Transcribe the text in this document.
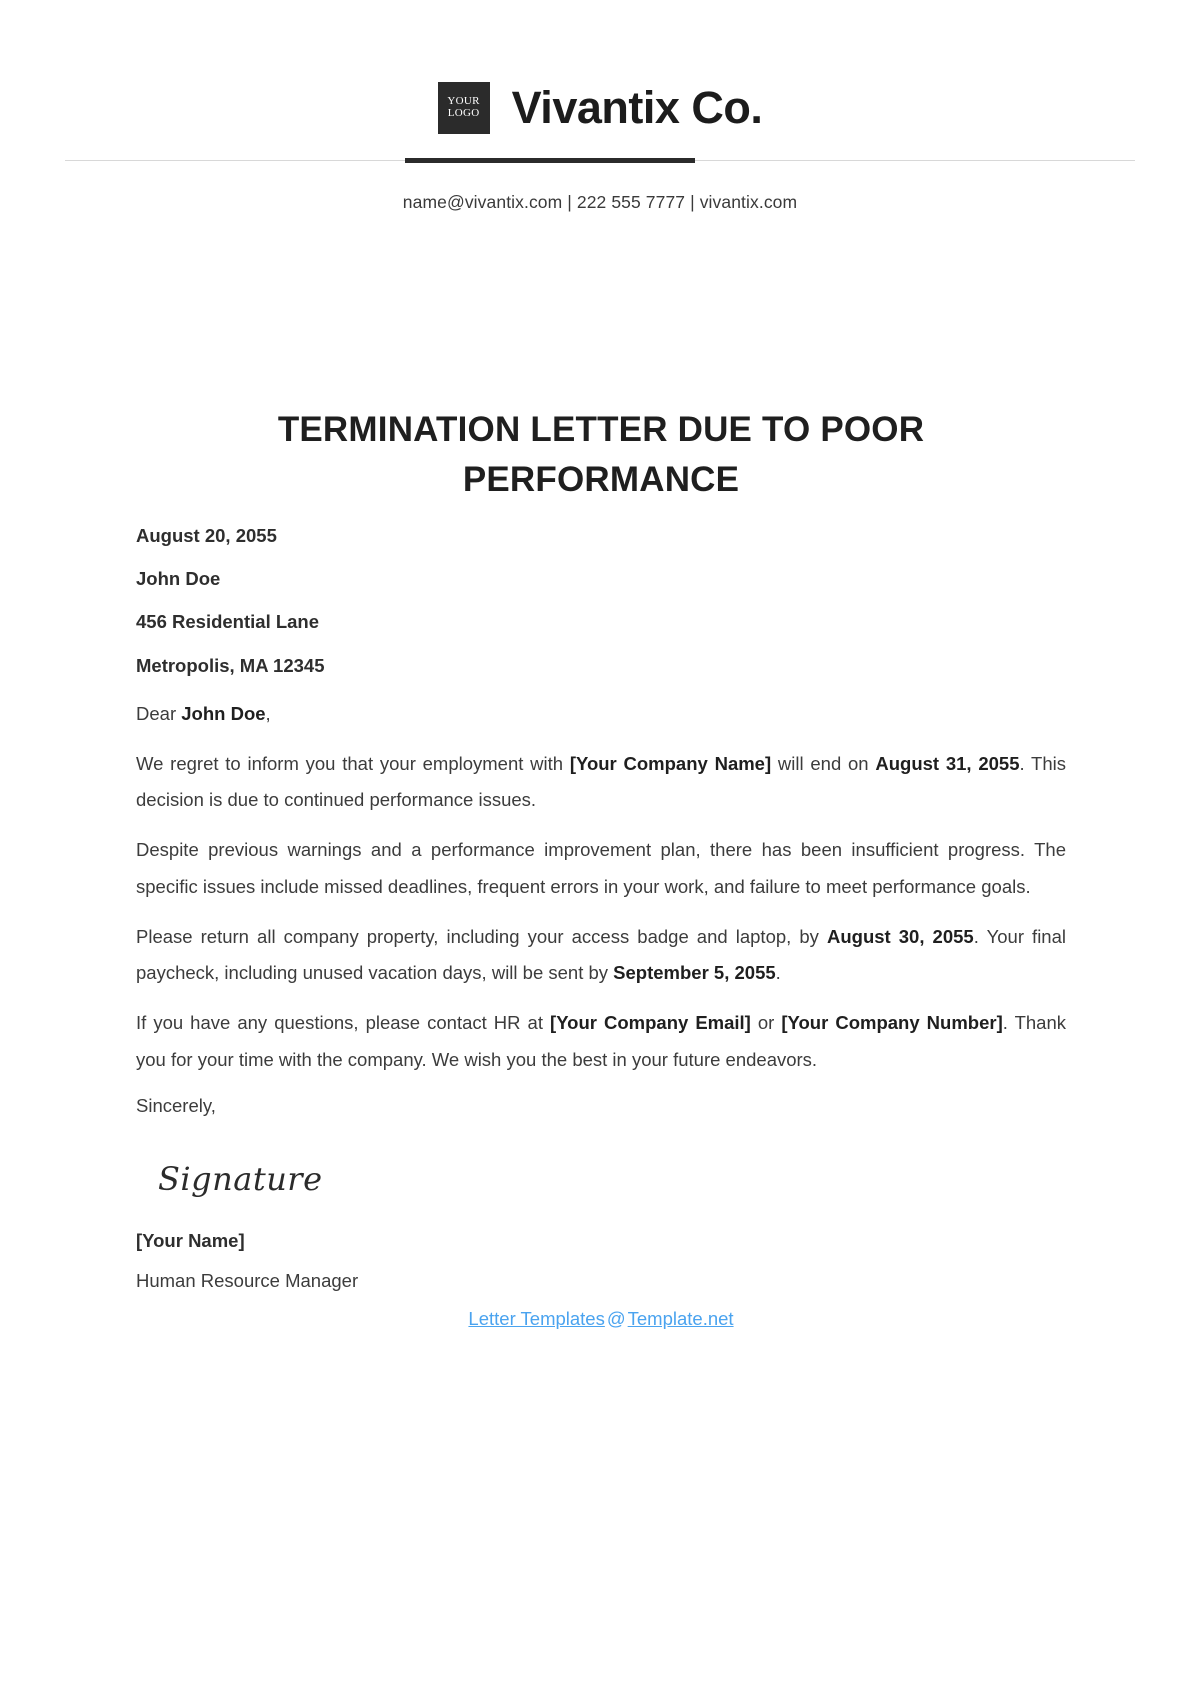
YOUR
LOGO Vivantix Co.
name@vivantix.com | 222 555 7777 | vivantix.com
TERMINATION LETTER DUE TO POOR PERFORMANCE
August 20, 2055
John Doe
456 Residential Lane
Metropolis, MA 12345

Dear John Doe,

We regret to inform you that your employment with [Your Company Name] will end on August 31, 2055. This decision is due to continued performance issues.

Despite previous warnings and a performance improvement plan, there has been insufficient progress. The specific issues include missed deadlines, frequent errors in your work, and failure to meet performance goals.

Please return all company property, including your access badge and laptop, by August 30, 2055. Your final paycheck, including unused vacation days, will be sent by September 5, 2055.

If you have any questions, please contact HR at [Your Company Email] or [Your Company Number]. Thank you for your time with the company. We wish you the best in your future endeavors.

Sincerely,

Signature
[Your Name]
Human Resource Manager
Letter Templates @ Template.net
